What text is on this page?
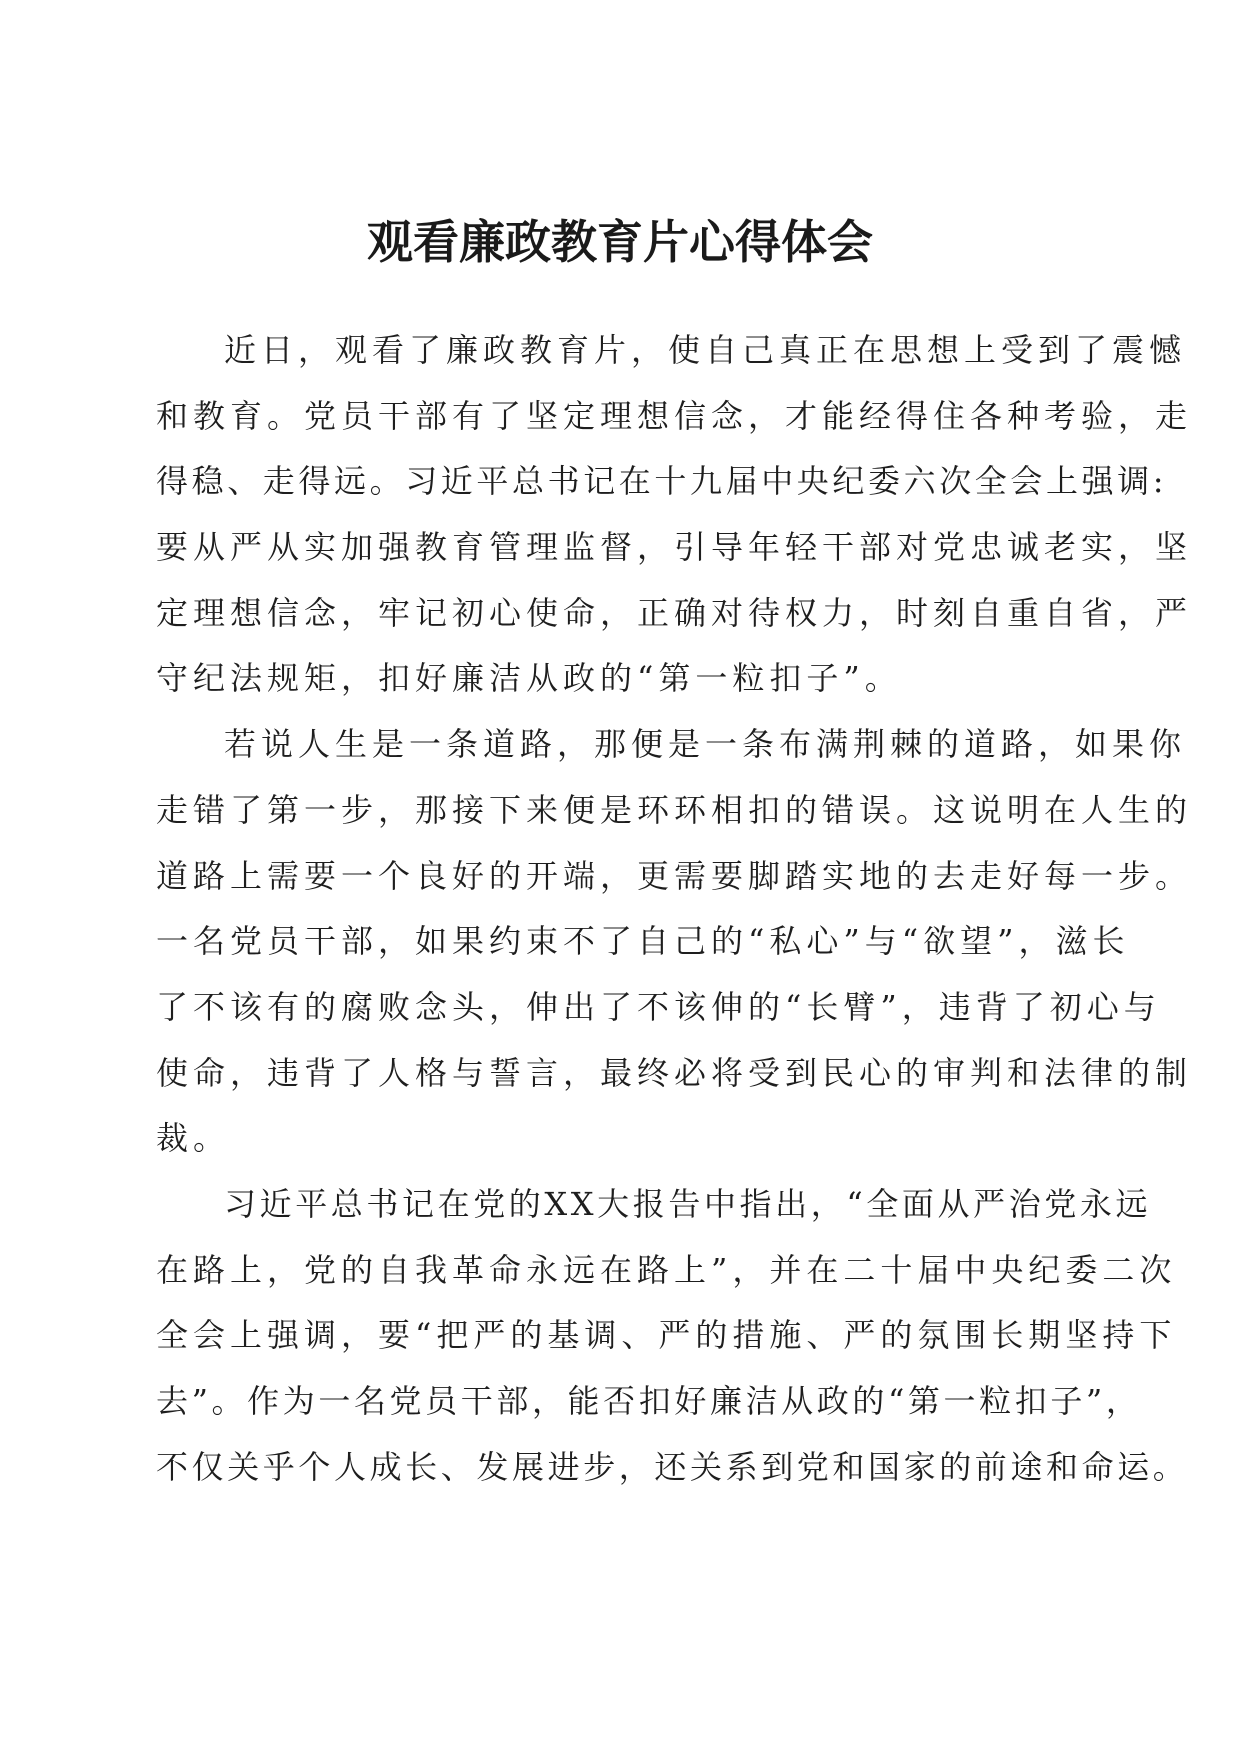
观看廉政教育片心得体会

近日，观看了廉政教育片，使自己真正在思想上受到了震憾
和教育。党员干部有了坚定理想信念，才能经得住各种考验，走
得稳、走得远。习近平总书记在十九届中央纪委六次全会上强调:
要从严从实加强教育管理监督，引导年轻干部对党忠诚老实，坚
定理想信念，牢记初心使命，正确对待权力，时刻自重自省，严
守纪法规矩，扣好廉洁从政的“第一粒扣子”。

若说人生是一条道路，那便是一条布满荆棘的道路，如果你
走错了第一步，那接下来便是环环相扣的错误。这说明在人生的
道路上需要一个良好的开端，更需要脚踏实地的去走好每一步。
一名党员干部，如果约束不了自己的“私心”与“欲望”，滋长
了不该有的腐败念头，伸出了不该伸的“长臂”，违背了初心与
使命，违背了人格与誓言，最终必将受到民心的审判和法律的制
裁。

习近平总书记在党的XX大报告中指出，“全面从严治党永远
在路上，党的自我革命永远在路上”，并在二十届中央纪委二次
全会上强调，要“把严的基调、严的措施、严的氛围长期坚持下
去”。作为一名党员干部，能否扣好廉洁从政的“第一粒扣子”，
不仅关乎个人成长、发展进步，还关系到党和国家的前途和命运。
